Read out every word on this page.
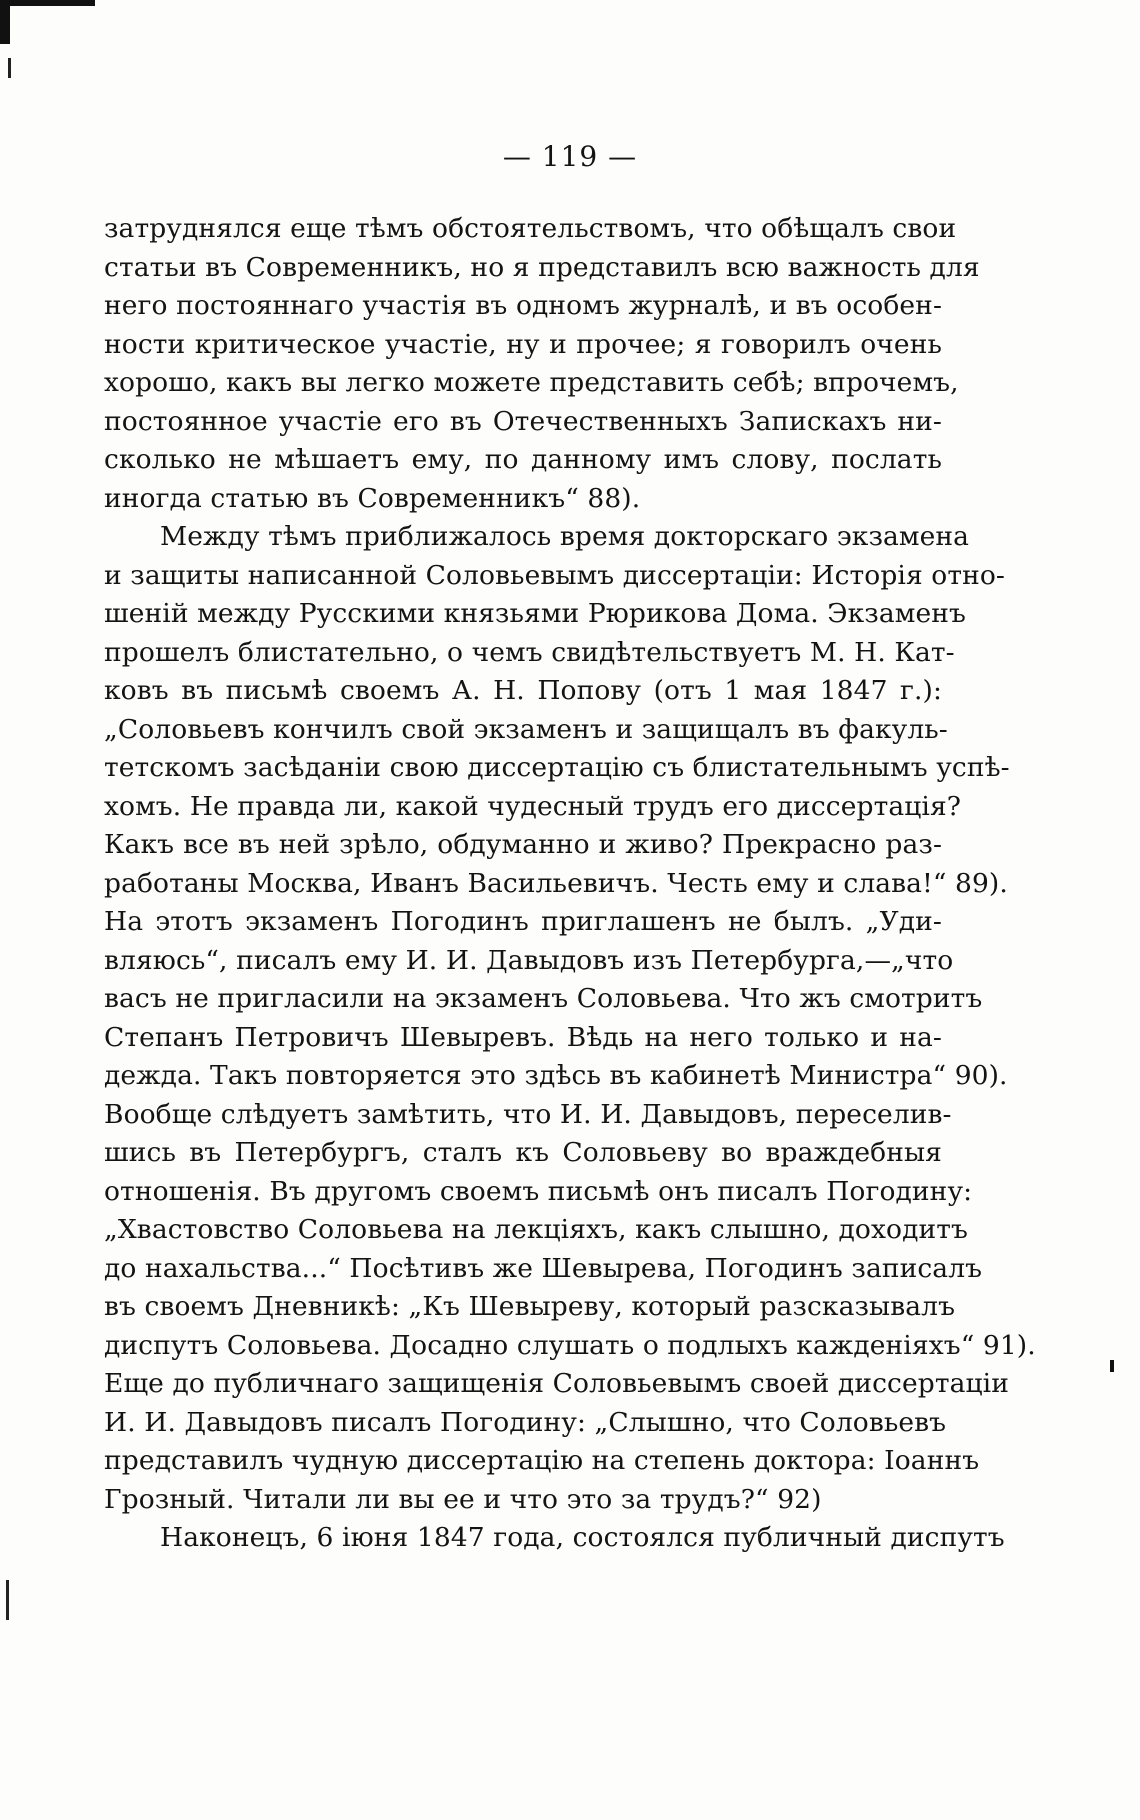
— 119 —
затруднялся еще тѣмъ обстоятельствомъ, что обѣщалъ свои
статьи въ Современникъ, но я представилъ всю важность для
него постояннаго участія въ одномъ журналѣ, и въ особен-
ности критическое участіе, ну и прочее; я говорилъ очень
хорошо, какъ вы легко можете представить себѣ; впрочемъ,
постоянное участіе его въ Отечественныхъ Запискахъ ни-
сколько не мѣшаетъ ему, по данному имъ слову, послать
иногда статью въ Современникъ“ 88).
Между тѣмъ приближалось время докторскаго экзамена
и защиты написанной Соловьевымъ диссертаціи: Исторія отно-
шеній между Русскими князьями Рюрикова Дома. Экзаменъ
прошелъ блистательно, о чемъ свидѣтельствуетъ М. Н. Кат-
ковъ въ письмѣ своемъ А. Н. Попову (отъ 1 мая 1847 г.):
„Соловьевъ кончилъ свой экзаменъ и защищалъ въ факуль-
тетскомъ засѣданіи свою диссертацію съ блистательнымъ успѣ-
хомъ. Не правда ли, какой чудесный трудъ его диссертація?
Какъ все въ ней зрѣло, обдуманно и живо? Прекрасно раз-
работаны Москва, Иванъ Васильевичъ. Честь ему и слава!“ 89).
На этотъ экзаменъ Погодинъ приглашенъ не былъ. „Уди-
вляюсь“, писалъ ему И. И. Давыдовъ изъ Петербурга,—„что
васъ не пригласили на экзаменъ Соловьева. Что жъ смотритъ
Степанъ Петровичъ Шевыревъ. Вѣдь на него только и на-
дежда. Такъ повторяется это здѣсь въ кабинетѣ Министра“ 90).
Вообще слѣдуетъ замѣтить, что И. И. Давыдовъ, переселив-
шись въ Петербургъ, сталъ къ Соловьеву во враждебныя
отношенія. Въ другомъ своемъ письмѣ онъ писалъ Погодину:
„Хвастовство Соловьева на лекціяхъ, какъ слышно, доходитъ
до нахальства...“ Посѣтивъ же Шевырева, Погодинъ записалъ
въ своемъ Дневникѣ: „Къ Шевыреву, который разсказывалъ
диспутъ Соловьева. Досадно слушать о подлыхъ кажденіяхъ“ 91).
Еще до публичнаго защищенія Соловьевымъ своей диссертаціи
И. И. Давыдовъ писалъ Погодину: „Слышно, что Соловьевъ
представилъ чудную диссертацію на степень доктора: Іоаннъ
Грозный. Читали ли вы ее и что это за трудъ?“ 92)
Наконецъ, 6 іюня 1847 года, состоялся публичный диспутъ
